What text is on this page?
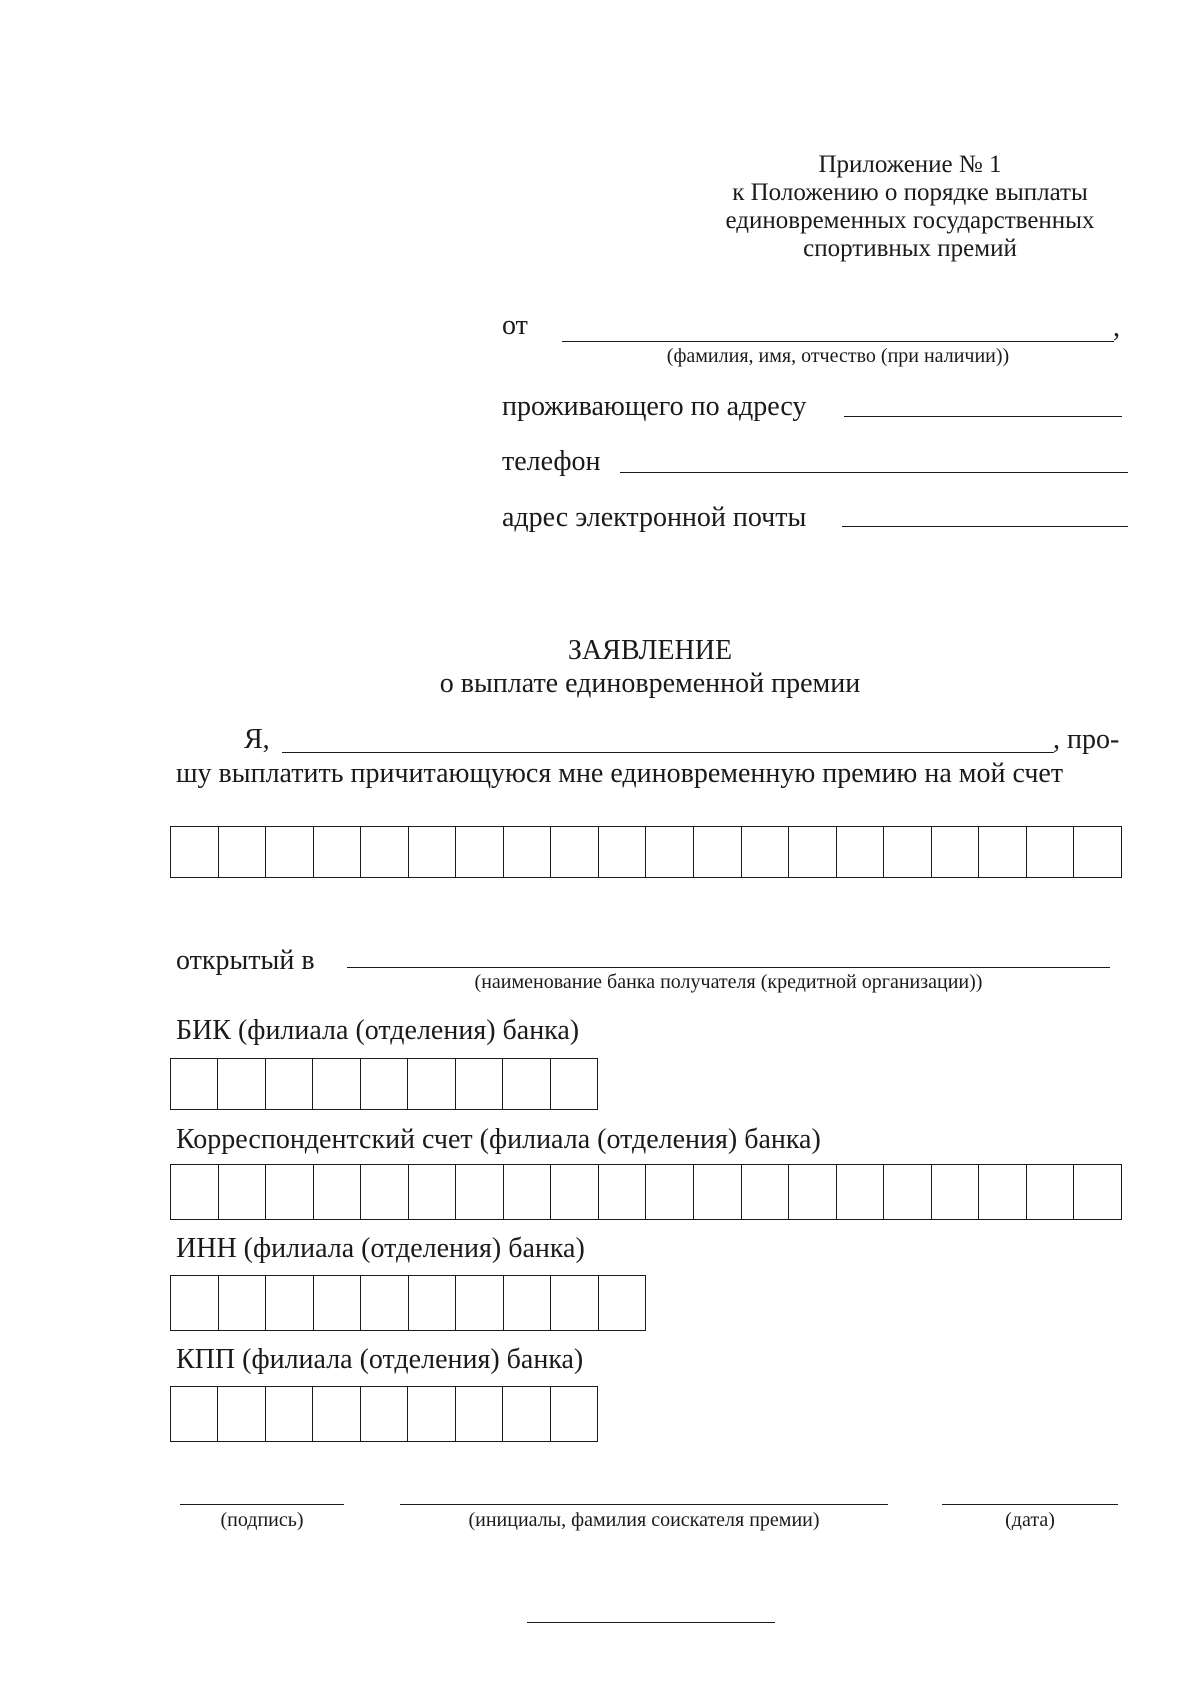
Приложение № 1
к Положению о порядке выплаты
единовременных государственных
спортивных премий
от	,
(фамилия, имя, отчество (при наличии))
проживающего по адресу
телефон
адрес электронной почты
ЗАЯВЛЕНИЕ
о выплате единовременной премии
Я,	, про-
шу выплатить причитающуюся мне единовременную премию на мой счет
открытый в
(наименование банка получателя (кредитной организации))
БИК (филиала (отделения) банка)
Корреспондентский счет (филиала (отделения) банка)
ИНН (филиала (отделения) банка)
КПП (филиала (отделения) банка)
(подпись)	(инициалы, фамилия соискателя премии)	(дата)
